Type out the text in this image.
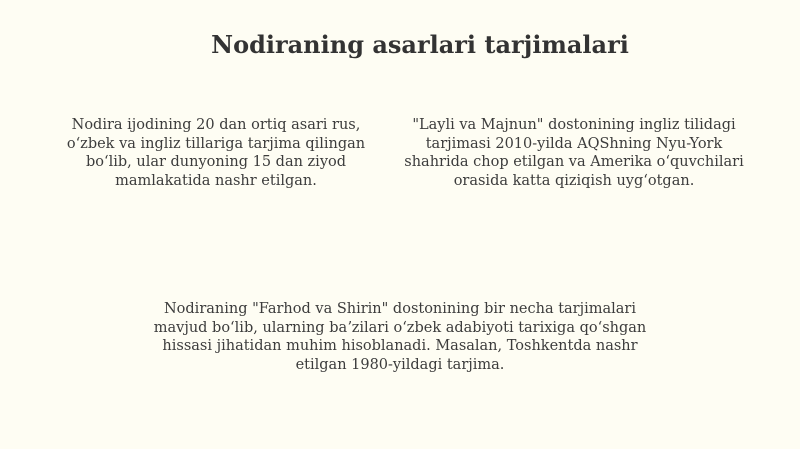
Nodiraning asarlari tarjimalari

Nodira ijodining 20 dan ortiq asari rus, oʻzbek va ingliz tillariga tarjima qilingan boʻlib, ular dunyoning 15 dan ziyod mamlakatida nashr etilgan.

"Layli va Majnun" dostonining ingliz tilidagi tarjimasi 2010-yilda AQShning Nyu-York shahrida chop etilgan va Amerika oʻquvchilari orasida katta qiziqish uygʻotgan.

Nodiraning "Farhod va Shirin" dostonining bir necha tarjimalari mavjud boʻlib, ularning baʼzilari oʻzbek adabiyoti tarixiga qoʻshgan hissasi jihatidan muhim hisoblanadi. Masalan, Toshkentda nashr etilgan 1980-yildagi tarjima.
